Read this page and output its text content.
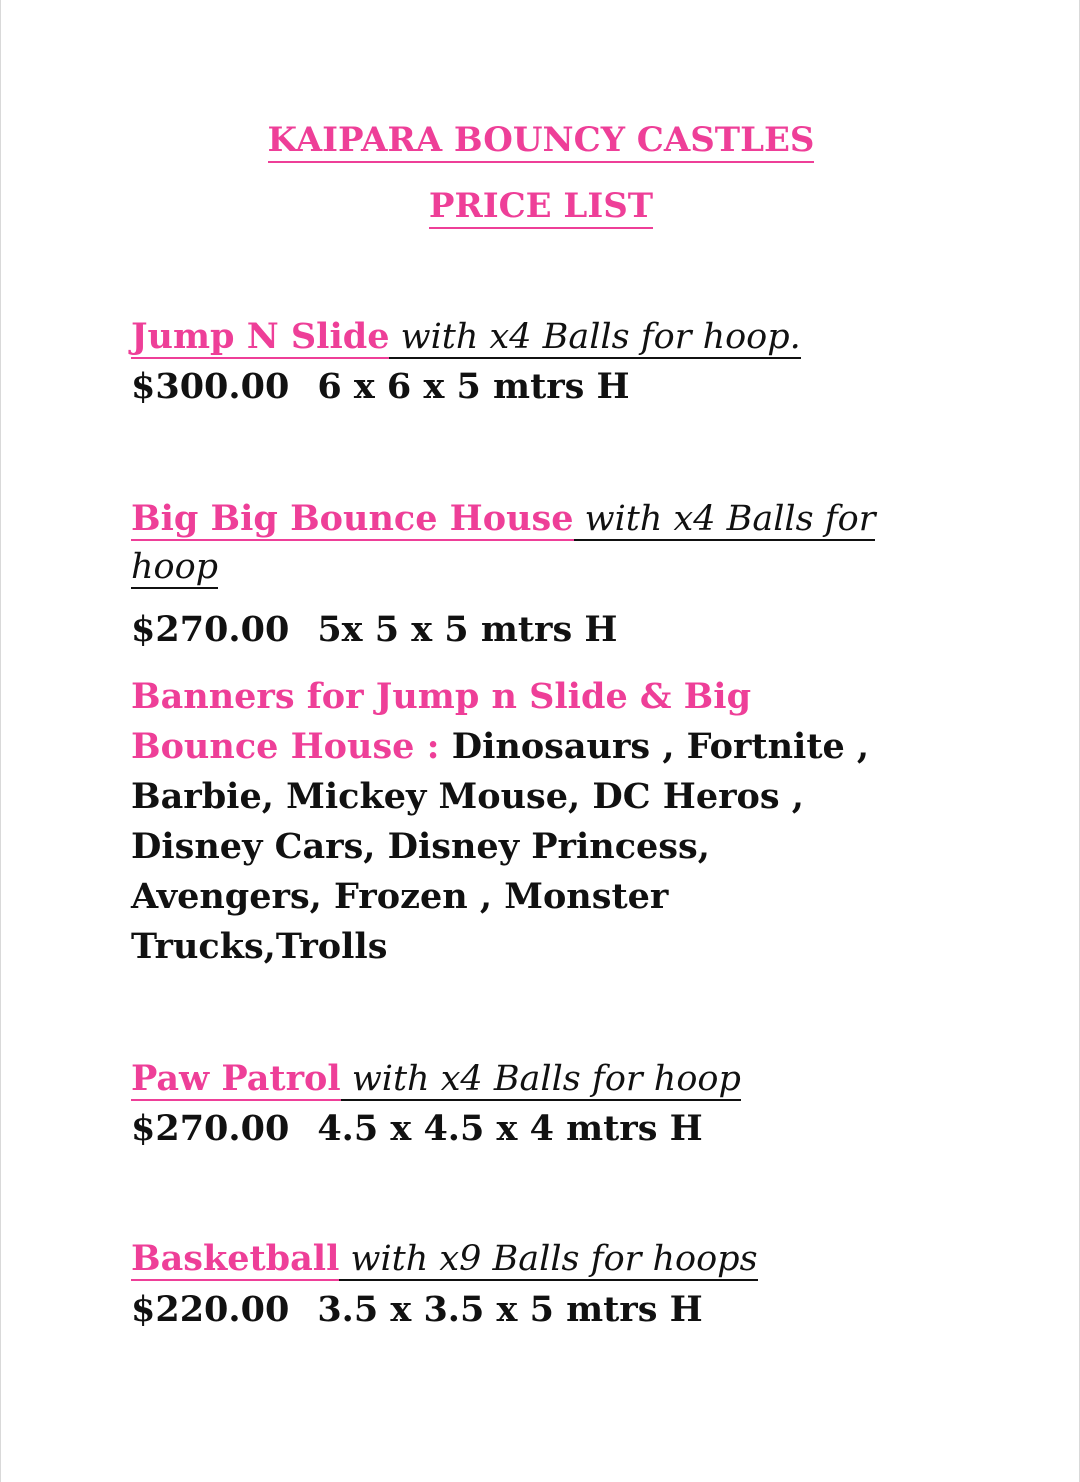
KAIPARA BOUNCY CASTLES
PRICE LIST
Jump N Slide with x4 Balls for hoop.
$300.00 6 x 6 x 5 mtrs H
Big Big Bounce House with x4 Balls for
hoop
$270.00 5x 5 x 5 mtrs H
Banners for Jump n Slide & Big
Bounce House : Dinosaurs , Fortnite ,
Barbie, Mickey Mouse, DC Heros ,
Disney Cars, Disney Princess,
Avengers, Frozen , Monster
Trucks,Trolls
Paw Patrol with x4 Balls for hoop
$270.00 4.5 x 4.5 x 4 mtrs H
Basketball with x9 Balls for hoops
$220.00 3.5 x 3.5 x 5 mtrs H
